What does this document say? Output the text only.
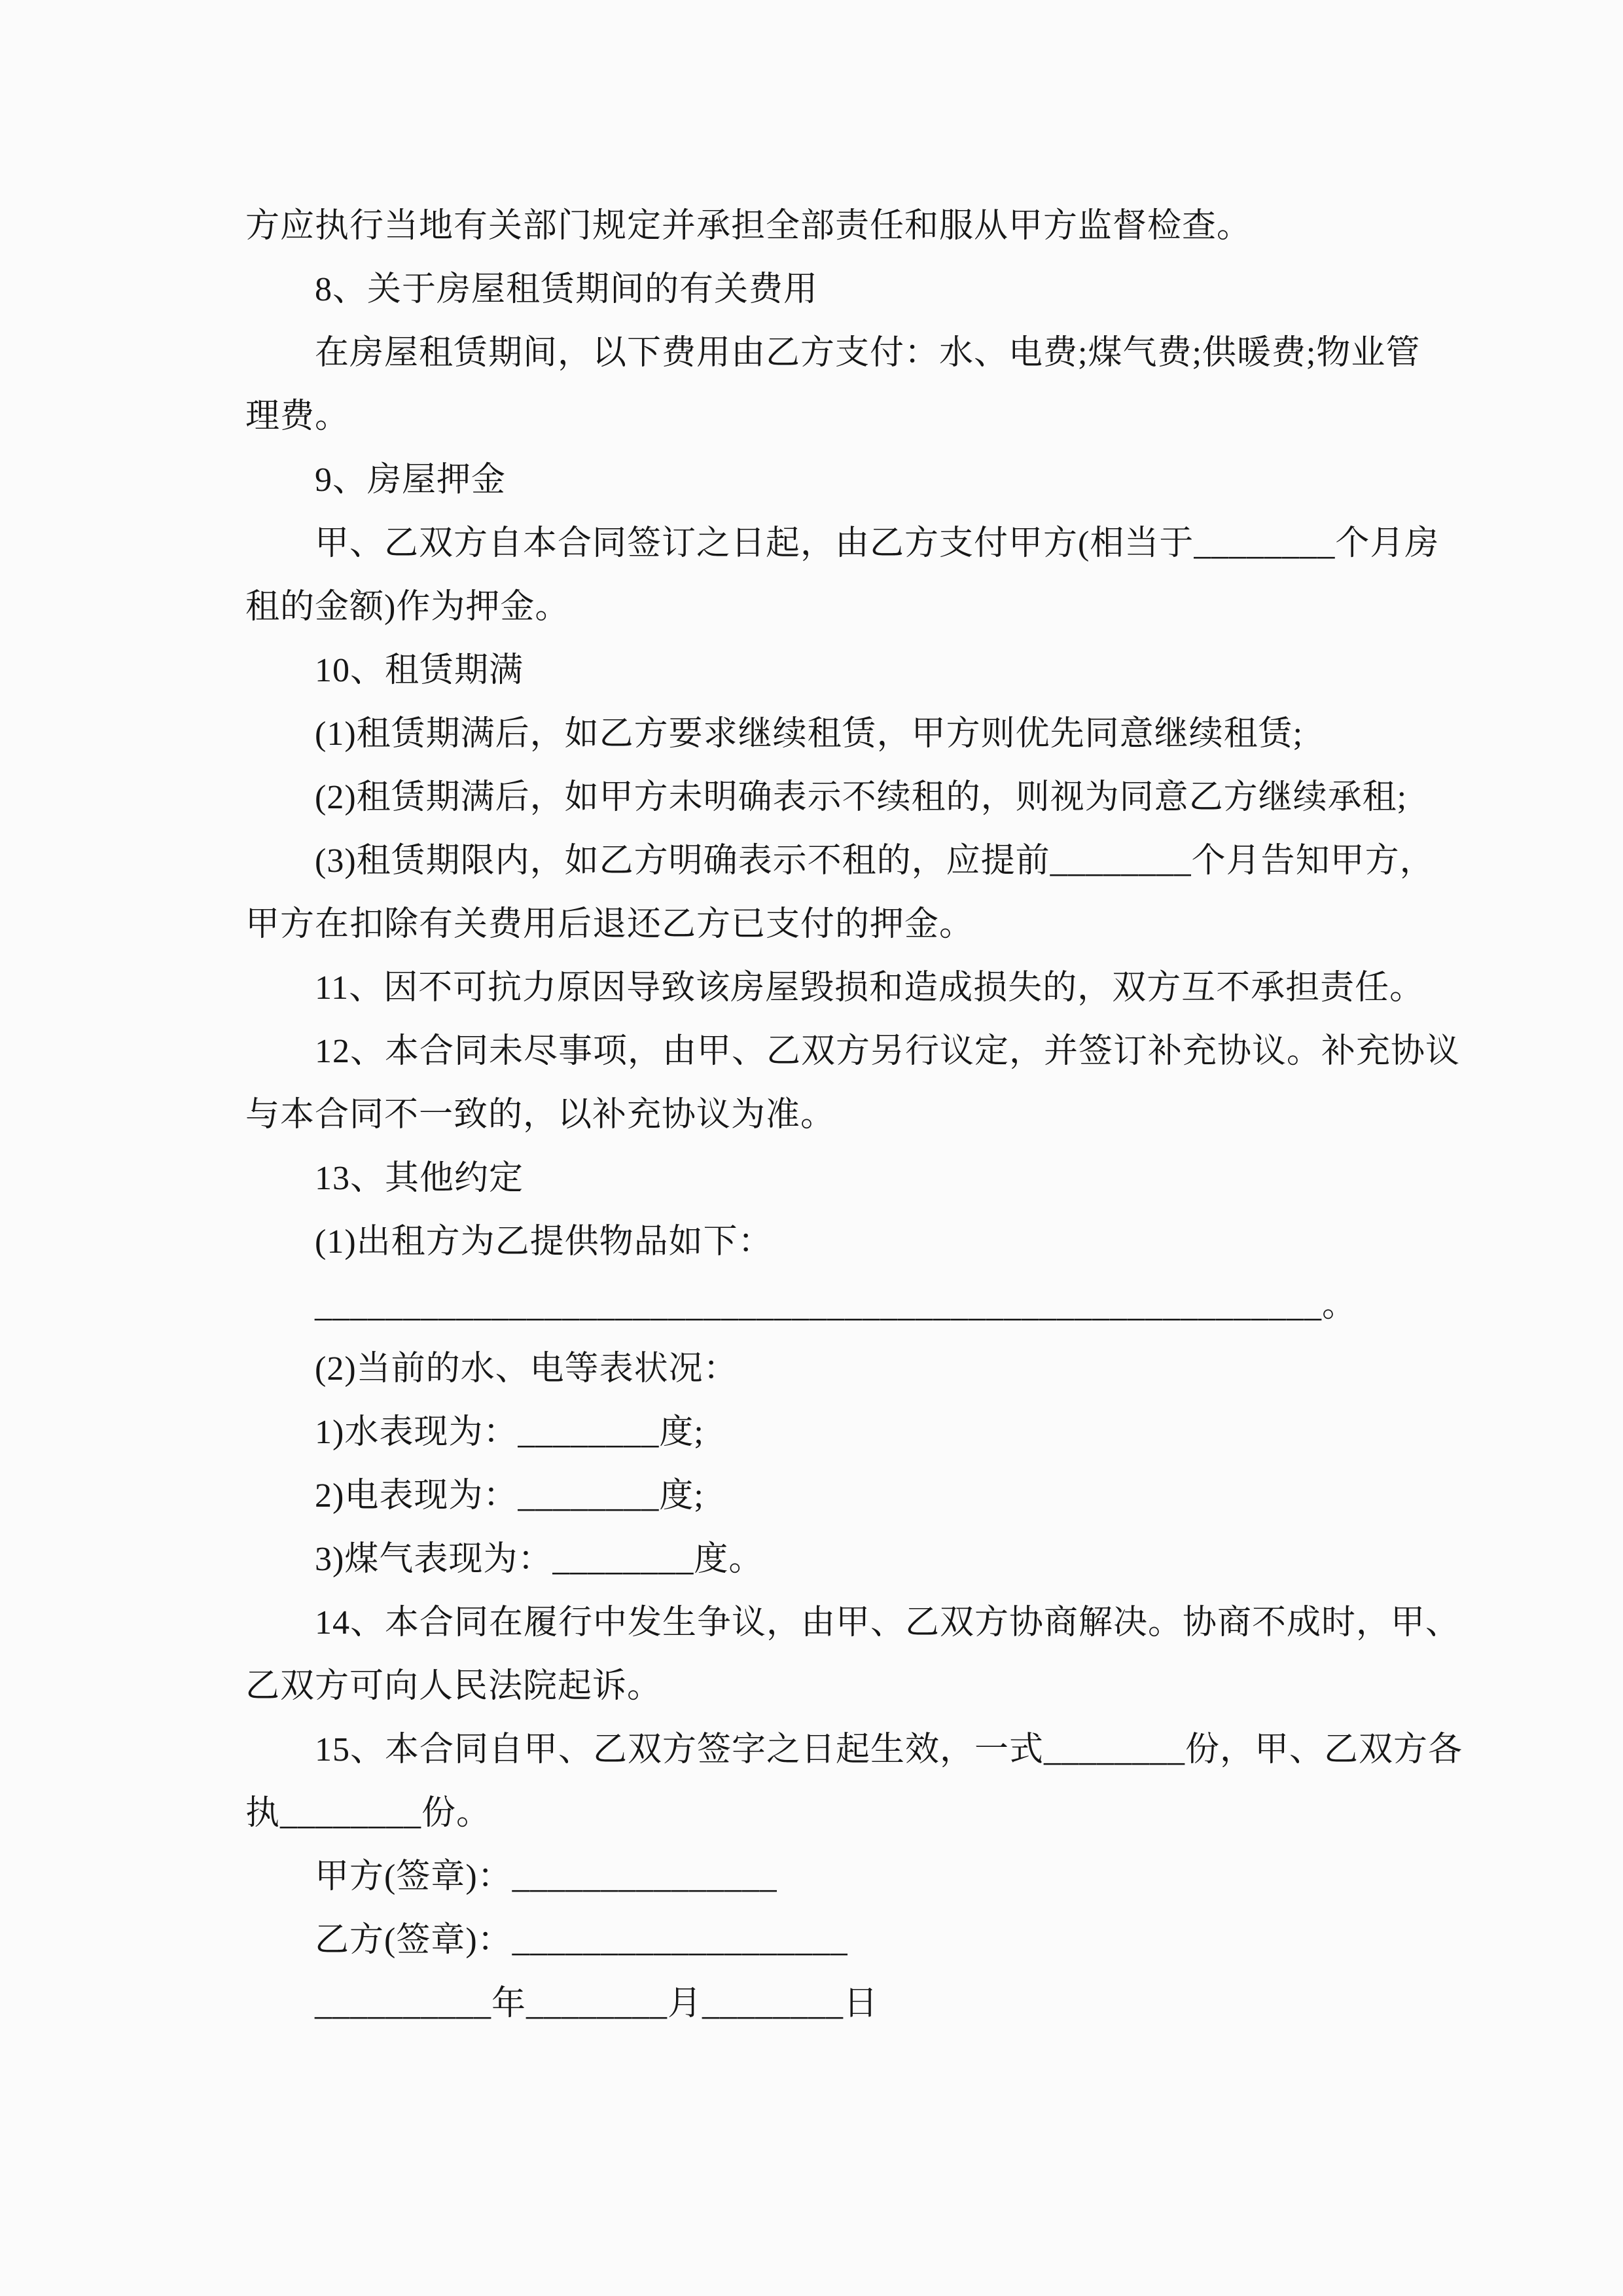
方应执行当地有关部门规定并承担全部责任和服从甲方监督检查。
8、关于房屋租赁期间的有关费用
在房屋租赁期间，以下费用由乙方支付：水、电费;煤气费;供暖费;物业管
理费。
9、房屋押金
甲、乙双方自本合同签订之日起，由乙方支付甲方(相当于________个月房
租的金额)作为押金。
10、租赁期满
(1)租赁期满后，如乙方要求继续租赁，甲方则优先同意继续租赁;
(2)租赁期满后，如甲方未明确表示不续租的，则视为同意乙方继续承租;
(3)租赁期限内，如乙方明确表示不租的，应提前________个月告知甲方，
甲方在扣除有关费用后退还乙方已支付的押金。
11、因不可抗力原因导致该房屋毁损和造成损失的，双方互不承担责任。
12、本合同未尽事项，由甲、乙双方另行议定，并签订补充协议。补充协议
与本合同不一致的，以补充协议为准。
13、其他约定
(1)出租方为乙提供物品如下：
_________________________________________________________。
(2)当前的水、电等表状况：
1)水表现为：________度;
2)电表现为：________度;
3)煤气表现为：________度。
14、本合同在履行中发生争议，由甲、乙双方协商解决。协商不成时，甲、
乙双方可向人民法院起诉。
15、本合同自甲、乙双方签字之日起生效，一式________份，甲、乙双方各
执________份。
甲方(签章)：_______________
乙方(签章)：___________________
__________年________月________日
